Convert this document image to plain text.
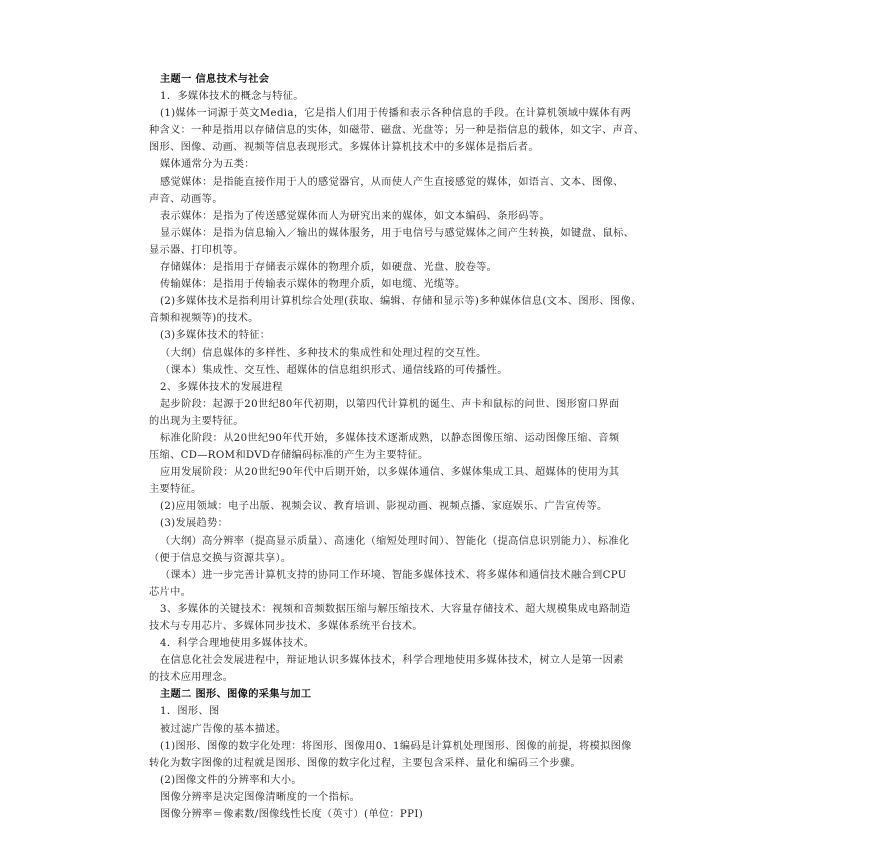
主题一 信息技术与社会
1．多媒体技术的概念与特征。
(1)媒体一词源于英文Media，它是指人们用于传播和表示各种信息的手段。在计算机领域中媒体有两
种含义：一种是指用以存储信息的实体，如磁带、磁盘、光盘等；另一种是指信息的载体，如文字、声音、
图形、图像、动画、视频等信息表现形式。多媒体计算机技术中的多媒体是指后者。
媒体通常分为五类：
感觉媒体：是指能直接作用于人的感觉器官，从而使人产生直接感觉的媒体，如语言、文本、图像、
声音、动画等。
表示媒体：是指为了传送感觉媒体而人为研究出来的媒体，如文本编码、条形码等。
显示媒体：是指为信息输入／输出的媒体服务，用于电信号与感觉媒体之间产生转换，如键盘、鼠标、
显示器、打印机等。
存储媒体：是指用于存储表示媒体的物理介质，如硬盘、光盘、胶卷等。
传输媒体：是指用于传输表示媒体的物理介质，如电缆、光缆等。
(2)多媒体技术是指利用计算机综合处理(获取、编辑、存储和显示等)多种媒体信息(文本、图形、图像、
音频和视频等)的技术。
(3)多媒体技术的特征：
（大纲）信息媒体的多样性、多种技术的集成性和处理过程的交互性。
（课本）集成性、交互性、超媒体的信息组织形式、通信线路的可传播性。
2、多媒体技术的发展进程
起步阶段：起源于20世纪80年代初期，以第四代计算机的诞生、声卡和鼠标的问世、图形窗口界面
的出现为主要特征。
标准化阶段：从20世纪90年代开始，多媒体技术逐渐成熟，以静态图像压缩、运动图像压缩、音频
压缩、CD—ROM和DVD存储编码标准的产生为主要特征。
应用发展阶段：从20世纪90年代中后期开始，以多媒体通信、多媒体集成工具、超媒体的使用为其
主要特征。
(2)应用领域：电子出版、视频会议、教育培训、影视动画、视频点播、家庭娱乐、广告宣传等。
(3)发展趋势：
（大纲）高分辨率（提高显示质量）、高速化（缩短处理时间）、智能化（提高信息识别能力）、标准化
（便于信息交换与资源共享）。
（课本）进一步完善计算机支持的协同工作环境、智能多媒体技术、将多媒体和通信技术融合到CPU
芯片中。
3、多媒体的关键技术：视频和音频数据压缩与解压缩技术、大容量存储技术、超大规模集成电路制造
技术与专用芯片、多媒体同步技术、多媒体系统平台技术。
4．科学合理地使用多媒体技术。
在信息化社会发展进程中，辩证地认识多媒体技术，科学合理地使用多媒体技术，树立人是第一因素
的技术应用理念。
主题二 图形、图像的采集与加工
1．图形、图
被过滤广告像的基本描述。
(1)图形、图像的数字化处理：将图形、图像用0、1编码是计算机处理图形、图像的前提，将模拟图像
转化为数字图像的过程就是图形、图像的数字化过程，主要包含采样、量化和编码三个步骤。
(2)图像文件的分辨率和大小。
图像分辨率是决定图像清晰度的一个指标。
图像分辨率＝像素数/图像线性长度（英寸）(单位：PPI)
